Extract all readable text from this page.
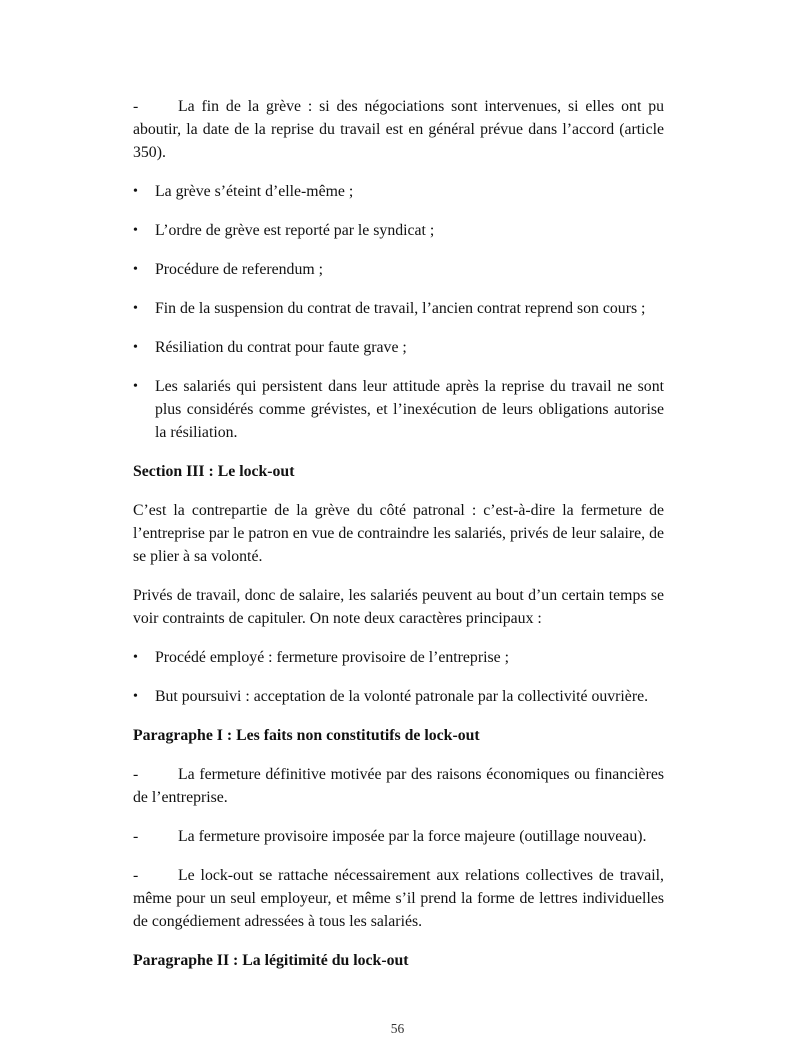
-	La fin de la grève : si des négociations sont intervenues, si elles ont pu aboutir, la date de la reprise du travail est en général prévue dans l’accord (article 350).

•	La grève s’éteint d’elle-même ;
•	L’ordre de grève est reporté par le syndicat ;
•	Procédure de referendum ;
•	Fin de la suspension du contrat de travail, l’ancien contrat reprend son cours ;
•	Résiliation du contrat pour faute grave ;
•	Les salariés qui persistent dans leur attitude après la reprise du travail ne sont plus considérés comme grévistes, et l’inexécution de leurs obligations autorise la résiliation.
Section III : Le lock-out

C’est la contrepartie de la grève du côté patronal : c’est-à-dire la fermeture de l’entreprise par le patron en vue de contraindre les salariés, privés de leur salaire, de se plier à sa volonté.

Privés de travail, donc de salaire, les salariés peuvent au bout d’un certain temps se voir contraints de capituler. On note deux caractères principaux :

•	Procédé employé : fermeture provisoire de l’entreprise ;
•	But poursuivi : acceptation de la volonté patronale par la collectivité ouvrière.
Paragraphe I : Les faits non constitutifs de lock-out

-	La fermeture définitive motivée par des raisons économiques ou financières de l’entreprise.

-	La fermeture provisoire imposée par la force majeure (outillage nouveau).

-	Le lock-out se rattache nécessairement aux relations collectives de travail, même pour un seul employeur, et même s’il prend la forme de lettres individuelles de congédiement adressées à tous les salariés.

Paragraphe II : La légitimité du lock-out
56
